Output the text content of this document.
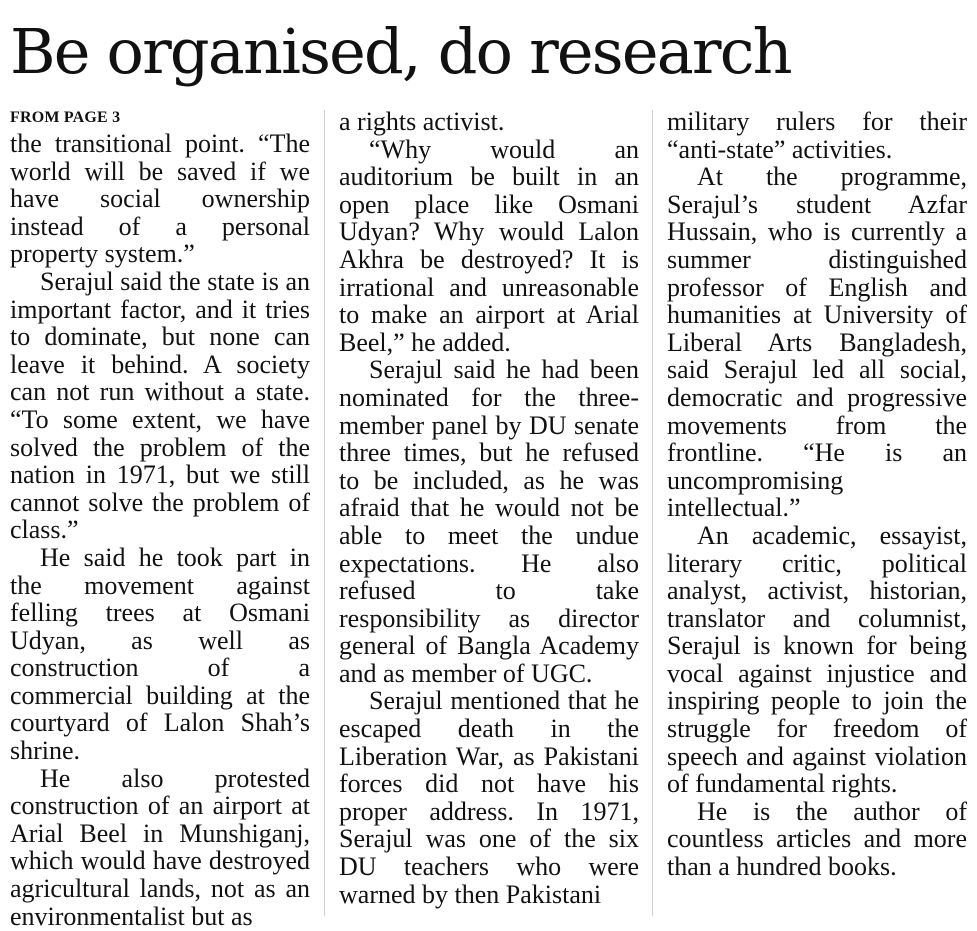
Be organised, do research
FROM PAGE 3

the transitional point. “The world will be saved if we have social ownership instead of a personal property system.”

Serajul said the state is an important factor, and it tries to dominate, but none can leave it behind. A society can not run without a state. “To some extent, we have solved the problem of the nation in 1971, but we still cannot solve the problem of class.”

He said he took part in the movement against felling trees at Osmani Udyan, as well as construction of a commercial building at the courtyard of Lalon Shah’s shrine.

He also protested construction of an airport at Arial Beel in Munshiganj, which would have destroyed agricultural lands, not as an environmentalist but as

a rights activist.

“Why would an auditorium be built in an open place like Osmani Udyan? Why would Lalon Akhra be destroyed? It is irrational and unreasonable to make an airport at Arial Beel,” he added.

Serajul said he had been nominated for the three-member panel by DU senate three times, but he refused to be included, as he was afraid that he would not be able to meet the undue expectations. He also refused to take responsibility as director general of Bangla Academy and as member of UGC.

Serajul mentioned that he escaped death in the Liberation War, as Pakistani forces did not have his proper address. In 1971, Serajul was one of the six DU teachers who were warned by then Pakistani

military rulers for their “anti-state” activities.

At the programme, Serajul’s student Azfar Hussain, who is currently a summer distinguished professor of English and humanities at University of Liberal Arts Bangladesh, said Serajul led all social, democratic and progressive movements from the frontline. “He is an uncompromising intellectual.”

An academic, essayist, literary critic, political analyst, activist, historian, translator and columnist, Serajul is known for being vocal against injustice and inspiring people to join the struggle for freedom of speech and against violation of fundamental rights.

He is the author of countless articles and more than a hundred books.
